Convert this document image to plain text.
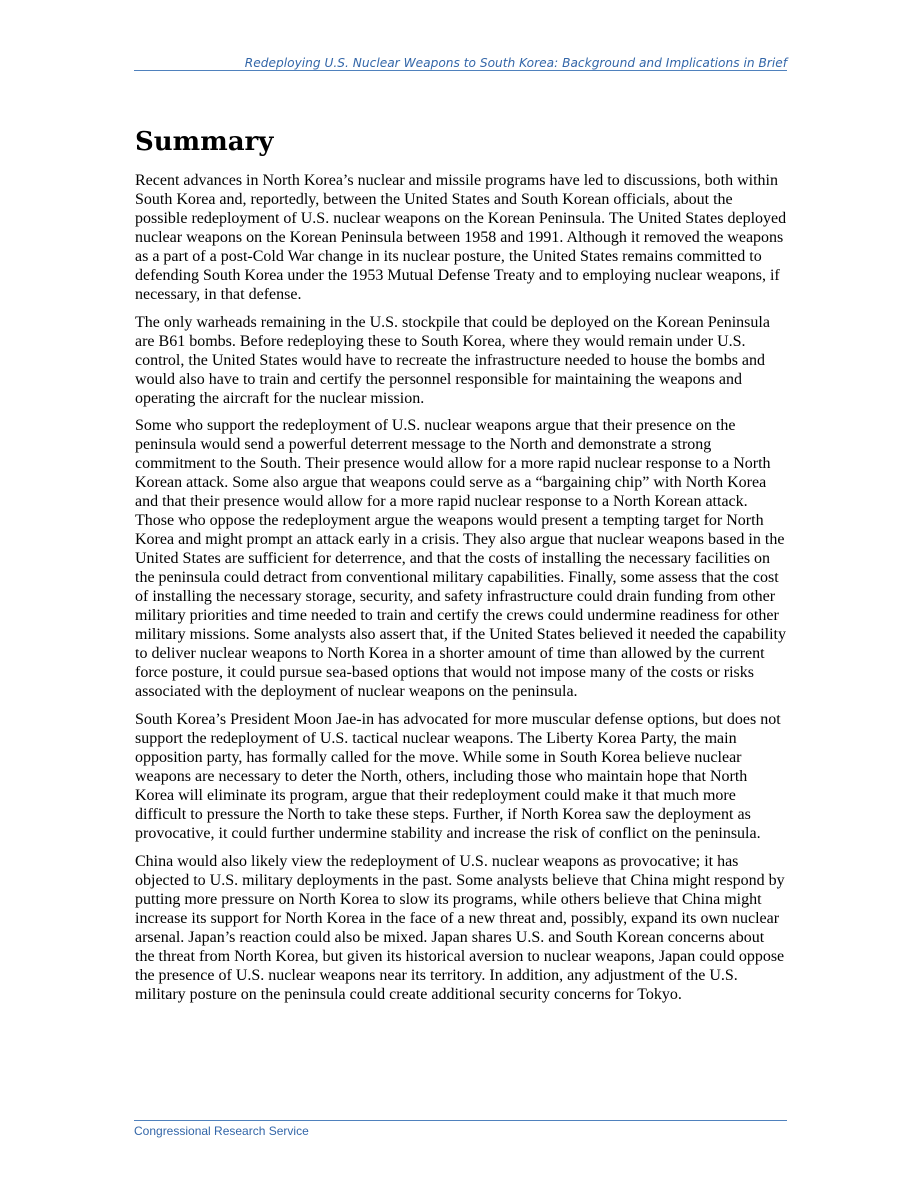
Redeploying U.S. Nuclear Weapons to South Korea: Background and Implications in Brief
Summary

Recent advances in North Korea’s nuclear and missile programs have led to discussions, both within South Korea and, reportedly, between the United States and South Korean officials, about the possible redeployment of U.S. nuclear weapons on the Korean Peninsula. The United States deployed nuclear weapons on the Korean Peninsula between 1958 and 1991. Although it removed the weapons as a part of a post-Cold War change in its nuclear posture, the United States remains committed to defending South Korea under the 1953 Mutual Defense Treaty and to employing nuclear weapons, if necessary, in that defense.

The only warheads remaining in the U.S. stockpile that could be deployed on the Korean Peninsula are B61 bombs. Before redeploying these to South Korea, where they would remain under U.S. control, the United States would have to recreate the infrastructure needed to house the bombs and would also have to train and certify the personnel responsible for maintaining the weapons and operating the aircraft for the nuclear mission.

Some who support the redeployment of U.S. nuclear weapons argue that their presence on the peninsula would send a powerful deterrent message to the North and demonstrate a strong commitment to the South. Their presence would allow for a more rapid nuclear response to a North Korean attack. Some also argue that weapons could serve as a “bargaining chip” with North Korea and that their presence would allow for a more rapid nuclear response to a North Korean attack. Those who oppose the redeployment argue the weapons would present a tempting target for North Korea and might prompt an attack early in a crisis. They also argue that nuclear weapons based in the United States are sufficient for deterrence, and that the costs of installing the necessary facilities on the peninsula could detract from conventional military capabilities. Finally, some assess that the cost of installing the necessary storage, security, and safety infrastructure could drain funding from other military priorities and time needed to train and certify the crews could undermine readiness for other military missions. Some analysts also assert that, if the United States believed it needed the capability to deliver nuclear weapons to North Korea in a shorter amount of time than allowed by the current force posture, it could pursue sea-based options that would not impose many of the costs or risks associated with the deployment of nuclear weapons on the peninsula.

South Korea’s President Moon Jae-in has advocated for more muscular defense options, but does not support the redeployment of U.S. tactical nuclear weapons. The Liberty Korea Party, the main opposition party, has formally called for the move. While some in South Korea believe nuclear weapons are necessary to deter the North, others, including those who maintain hope that North Korea will eliminate its program, argue that their redeployment could make it that much more difficult to pressure the North to take these steps. Further, if North Korea saw the deployment as provocative, it could further undermine stability and increase the risk of conflict on the peninsula.

China would also likely view the redeployment of U.S. nuclear weapons as provocative; it has objected to U.S. military deployments in the past. Some analysts believe that China might respond by putting more pressure on North Korea to slow its programs, while others believe that China might increase its support for North Korea in the face of a new threat and, possibly, expand its own nuclear arsenal. Japan’s reaction could also be mixed. Japan shares U.S. and South Korean concerns about the threat from North Korea, but given its historical aversion to nuclear weapons, Japan could oppose the presence of U.S. nuclear weapons near its territory. In addition, any adjustment of the U.S. military posture on the peninsula could create additional security concerns for Tokyo.

Congressional Research Service
